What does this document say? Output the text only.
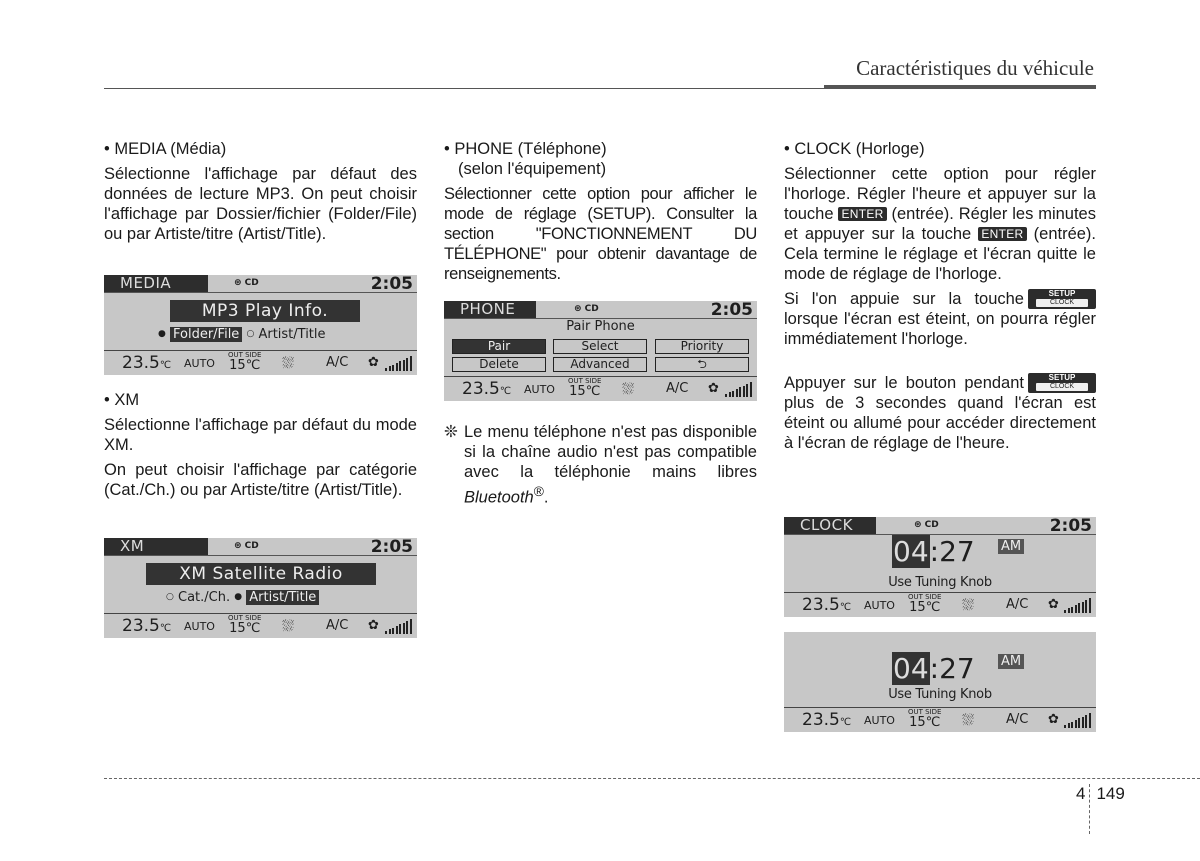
Caractéristiques du véhicule

• MEDIA (Média)

Sélectionne l'affichage par défaut des données de lecture MP3. On peut choisir l'affichage par Dossier/fichier (Folder/File) ou par Artiste/titre (Artist/Title).

• XM

Sélectionne l'affichage par défaut du mode XM.

On peut choisir l'affichage par catégorie (Cat./Ch.) ou par Artiste/titre (Artist/Title).

MEDIA	⊛ CD	2:05
MP3 Play Info.
● Folder/File ○ Artist/Title
23.5℃ AUTO
OUT SIDE
15℃ ⛆ A/C ✿
XM	⊛ CD	2:05
XM Satellite Radio
○ Cat./Ch. ● Artist/Title
23.5℃ AUTO
OUT SIDE
15℃ ⛆ A/C ✿

• PHONE (Téléphone)

(selon l'équipement)

Sélectionner cette option pour afficher le mode de réglage (SETUP). Consulter la section "FONCTIONNEMENT DU TÉLÉPHONE" pour obtenir davantage de renseignements.

❊ Le menu téléphone n'est pas disponible si la chaîne audio n'est pas compatible avec la téléphonie mains libres Bluetooth®.
PHONE	⊛ CD	2:05
Pair Phone
Pair	Select	Priority
Delete	Advanced	⮌
23.5℃ AUTO
OUT SIDE
15℃ ⛆ A/C ✿

• CLOCK (Horloge)

Sélectionner cette option pour régler l'horloge. Régler l'heure et appuyer sur la touche ENTER (entrée). Régler les minutes et appuyer sur la touche ENTER (entrée). Cela termine le réglage et l'écran quitte le mode de réglage de l'horloge.

SETUP
CLOCK
Si l'on appuie sur la touche lorsque l'écran est éteint, on pourra régler immédiatement l'horloge.

SETUP
CLOCK
Appuyer sur le bouton pendant plus de 3 secondes quand l'écran est éteint ou allumé pour accéder directement à l'écran de réglage de l'heure.

CLOCK	⊛ CD	2:05
04:27 AM
Use Tuning Knob
23.5℃ AUTO
OUT SIDE
15℃ ⛆ A/C ✿
04:27 AM
Use Tuning Knob
23.5℃ AUTO
OUT SIDE
15℃ ⛆ A/C ✿
4 149
